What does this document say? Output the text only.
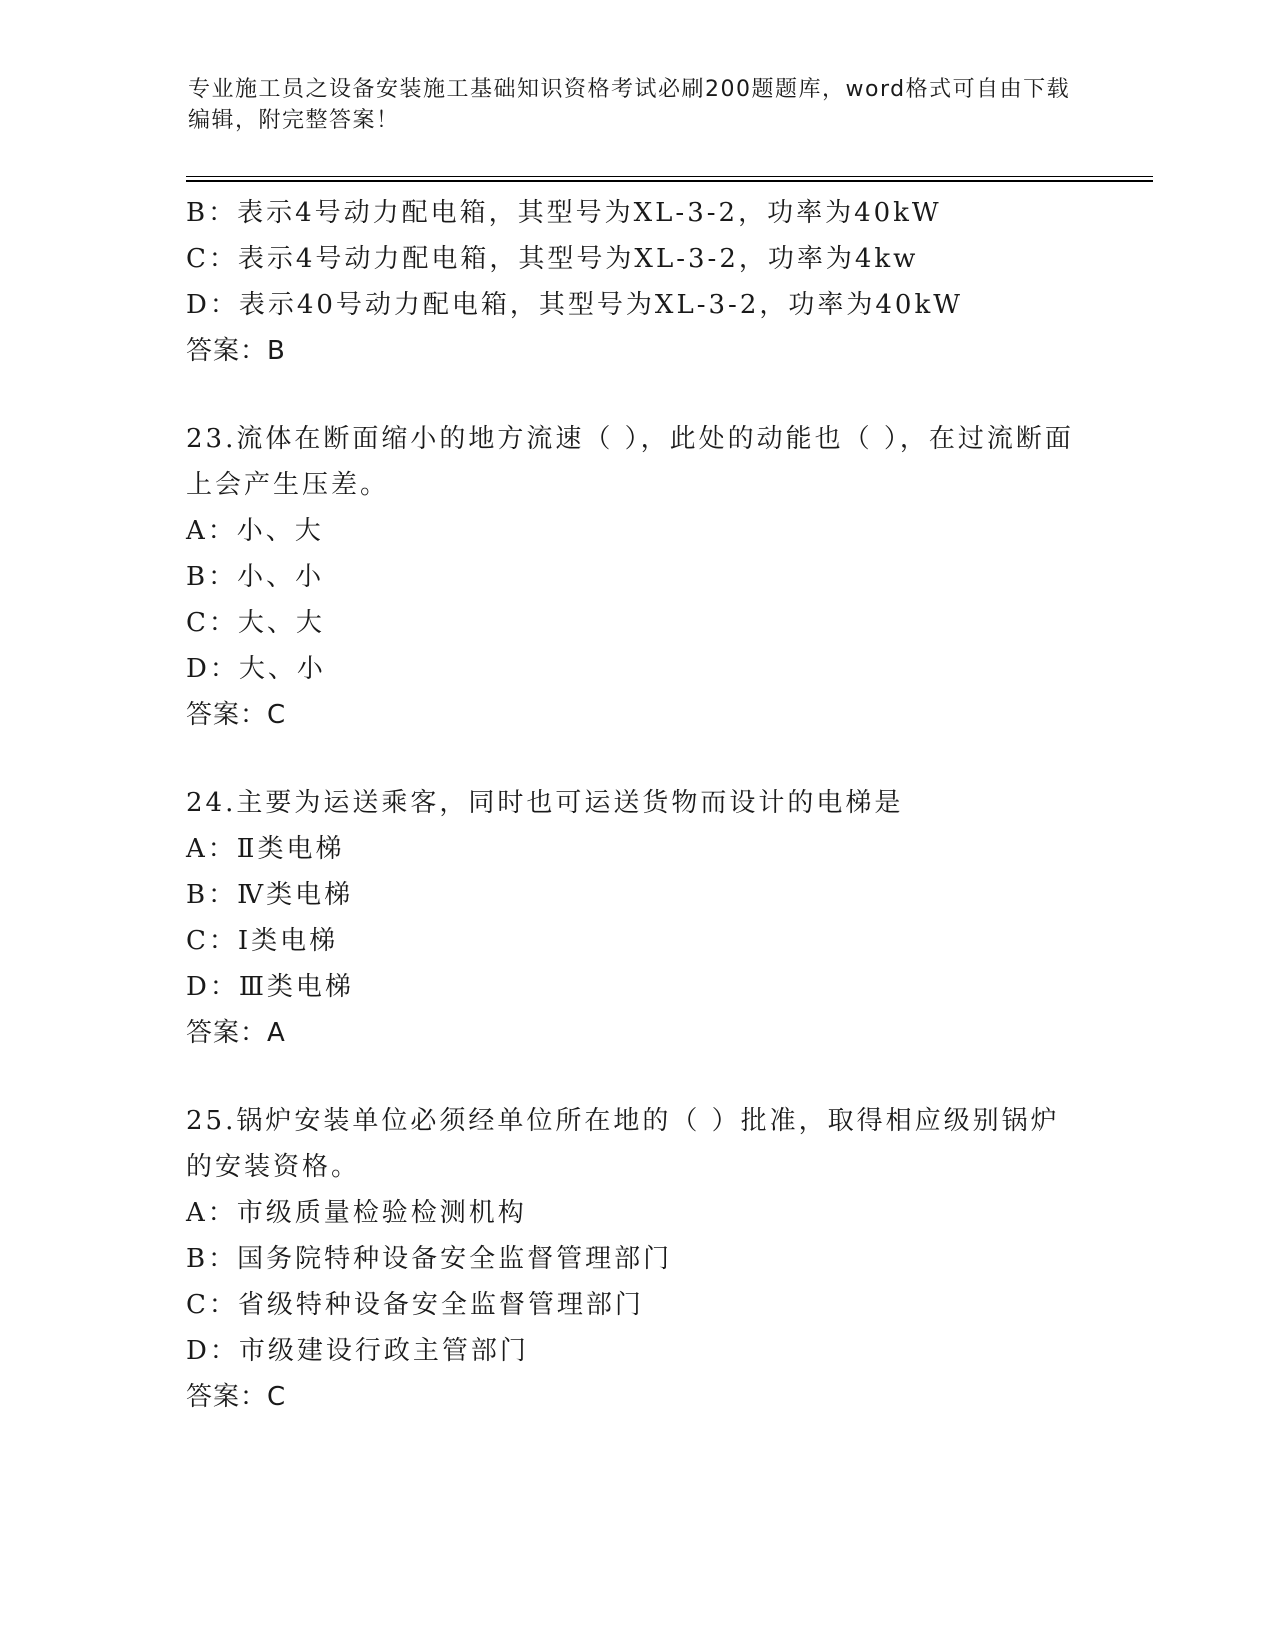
专业施工员之设备安装施工基础知识资格考试必刷200题题库，word格式可自由下载编辑，附完整答案！
B：表示4号动力配电箱，其型号为XL-3-2，功率为40kW
C：表示4号动力配电箱，其型号为XL-3-2，功率为4kw
D：表示40号动力配电箱，其型号为XL-3-2，功率为40kW
答案：B
23.流体在断面缩小的地方流速（ ），此处的动能也（ ），在过流断面上会产生压差。
A：小、大
B：小、小
C：大、大
D：大、小
答案：C
24.主要为运送乘客，同时也可运送货物而设计的电梯是
A：Ⅱ类电梯
B：Ⅳ类电梯
C：Ⅰ类电梯
D：Ⅲ类电梯
答案：A
25.锅炉安装单位必须经单位所在地的（ ）批准，取得相应级别锅炉的安装资格。
A：市级质量检验检测机构
B：国务院特种设备安全监督管理部门
C：省级特种设备安全监督管理部门
D：市级建设行政主管部门
答案：C
